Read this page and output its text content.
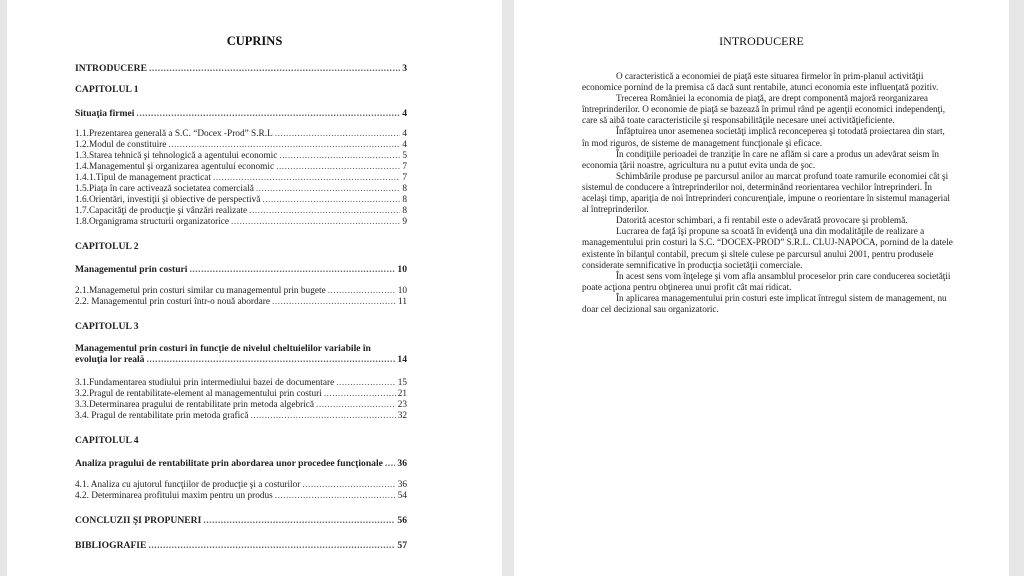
CUPRINS
INTRODUCERE .....	3
CAPITOLUL 1
Situaţia firmei .....	4
1.1.Prezentarea generală a S.C. “Docex -Prod” S.R.L .....	4
1.2.Modul de constituire .....	4
1.3.Starea tehnică şi tehnologică a agentului economic .....	5
1.4.Managementul şi organizarea agentului economic .....	7
1.4.1.Tipul de management practicat .....	7
1.5.Piaţa în care activează societatea comercială .....	8
1.6.Orientări, investiţii şi obiective de perspectivă .....	8
1.7.Capacităţi de producţie şi vânzări realizate .....	8
1.8.Organigrama structurii organizatorice .....	9
CAPITOLUL 2
Managementul prin costuri .....	10
2.1.Managemetul prin costuri similar cu managementul prin bugete .....	10
2.2. Managementul prin costuri într-o nouă abordare .....	11
CAPITOLUL 3
Managementul prin costuri în funcţie de nivelul cheltuielilor variabile în
evoluţia lor reală .....	14
3.1.Fundamentarea studiului prin intermediului bazei de documentare .....	15
3.2.Pragul de rentabilitate-element al managementului prin costuri .....	21
3.3.Determinarea pragului de rentabilitate prin metoda algebrică .....	23
3.4. Pragul de rentabilitate prin metoda grafică .....	32
CAPITOLUL 4
Analiza pragului de rentabilitate prin abordarea unor procedee funcţionale ..... 36
4.1. Analiza cu ajutorul funcţiilor de producţie şi a costurilor .....	36
4.2. Determinarea profitului maxim pentru un produs .....	54
CONCLUZII ŞI PROPUNERI .....	56
BIBLIOGRAFIE .....	57
INTRODUCERE

O caracteristică a economiei de piaţă este situarea firmelor în prim-planul activităţii economice pornind de la premisa că dacă sunt rentabile, atunci economia este influenţată pozitiv.

Trecerea României la economia de piaţă, are drept componentă majoră reorganizarea întreprinderilor. O economie de piaţă se bazează în primul rând pe agenţii economici independenţi, care să aibă toate caracteristicile şi responsabilităţile necesare unei activităţieficiente.

Înfăptuirea unor asemenea societăţi implică reconceperea şi totodată proiectarea din start, în mod riguros, de sisteme de management funcţionale şi eficace.

În condiţiile perioadei de tranziţie în care ne aflăm si care a produs un adevărat seism în economia ţării noastre, agricultura nu a putut evita unda de şoc.

Schimbările produse pe parcursul anilor au marcat profund toate ramurile economiei cât şi sistemul de conducere a întreprinderilor noi, determinând reorientarea vechilor întreprinderi. În acelaşi timp, apariţia de noi întreprinderi concurenţiale, impune o reorientare în sistemul managerial al întreprinderilor.

Datorită acestor schimbari, a fi rentabil este o adevărată provocare şi problemă.

Lucrarea de faţă îşi propune sa scoată în evidenţă una din modalităţile de realizare a managementului prin costuri la S.C. “DOCEX-PROD” S.R.L. CLUJ-NAPOCA, pornind de la datele existente în bilanţul contabil, precum şi sltele culese pe parcursul anului 2001, pentru produsele considerate semnificative în producţia societăţii comerciale.

În acest sens vom înţelege şi vom afla ansamblul proceselor prin care conducerea societăţii poate acţiona pentru obţinerea unui profit cât mai ridicat.

În aplicarea managementului prin costuri este implicat întregul sistem de management, nu doar cel decizional sau organizatoric.
